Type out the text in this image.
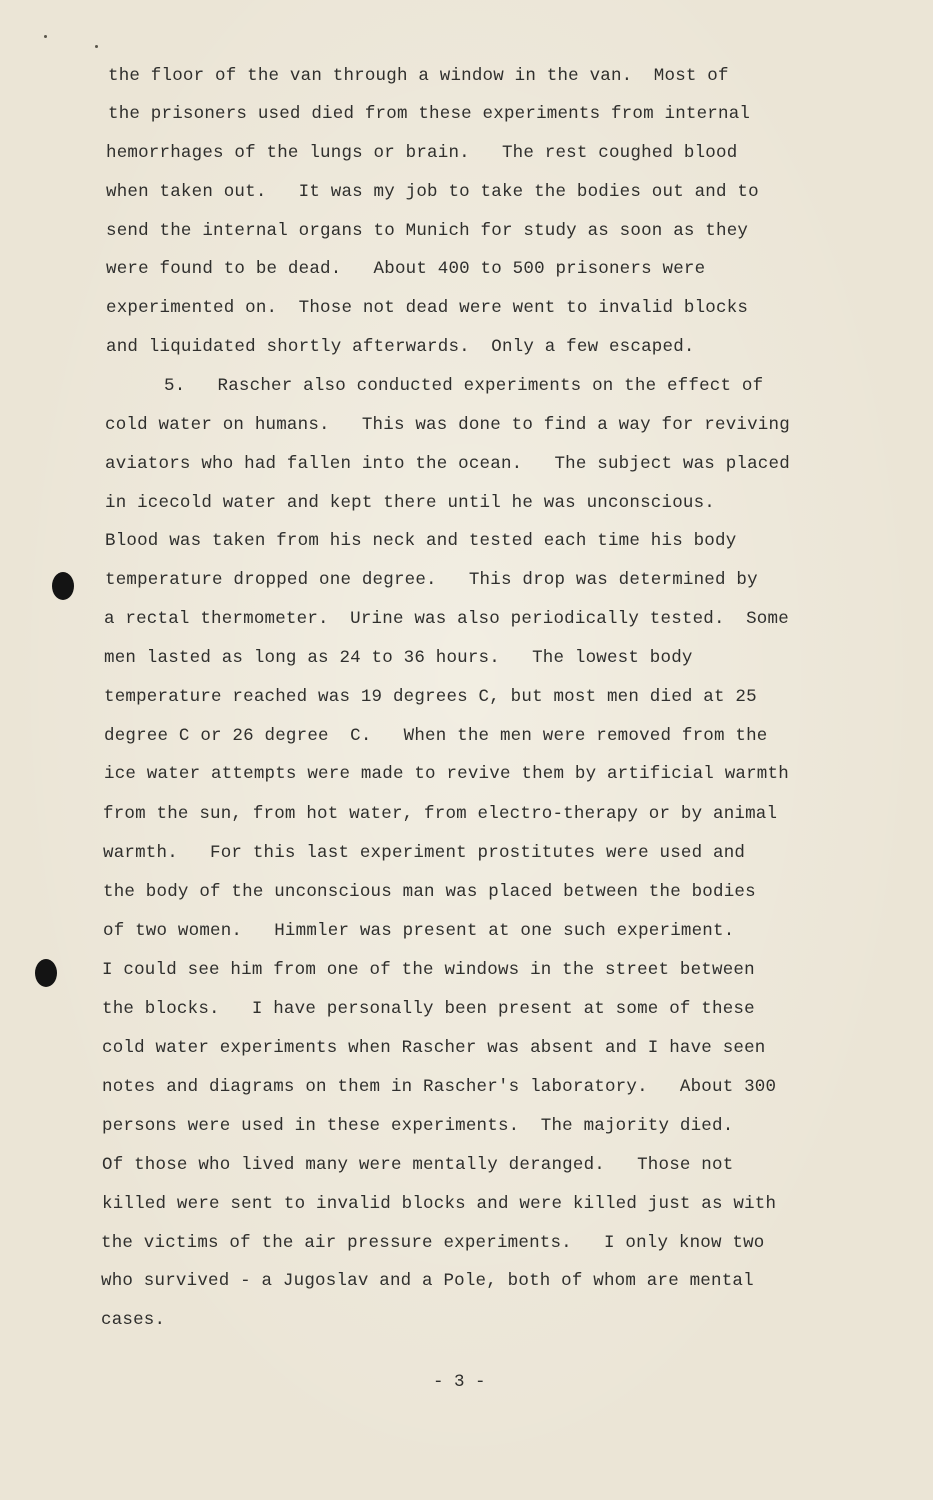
the floor of the van through a window in the van.  Most of
the prisoners used died from these experiments from internal
hemorrhages of the lungs or brain.   The rest coughed blood
when taken out.   It was my job to take the bodies out and to
send the internal organs to Munich for study as soon as they
were found to be dead.   About 400 to 500 prisoners were
experimented on.  Those not dead were went to invalid blocks
and liquidated shortly afterwards.  Only a few escaped.
5.   Rascher also conducted experiments on the effect of
cold water on humans.   This was done to find a way for reviving
aviators who had fallen into the ocean.   The subject was placed
in icecold water and kept there until he was unconscious.
Blood was taken from his neck and tested each time his body
temperature dropped one degree.   This drop was determined by
a rectal thermometer.  Urine was also periodically tested.  Some
men lasted as long as 24 to 36 hours.   The lowest body
temperature reached was 19 degrees C, but most men died at 25
degree C or 26 degree  C.   When the men were removed from the
ice water attempts were made to revive them by artificial warmth
from the sun, from hot water, from electro-therapy or by animal
warmth.   For this last experiment prostitutes were used and
the body of the unconscious man was placed between the bodies
of two women.   Himmler was present at one such experiment.
I could see him from one of the windows in the street between
the blocks.   I have personally been present at some of these
cold water experiments when Rascher was absent and I have seen
notes and diagrams on them in Rascher's laboratory.   About 300
persons were used in these experiments.  The majority died.
Of those who lived many were mentally deranged.   Those not
killed were sent to invalid blocks and were killed just as with
the victims of the air pressure experiments.   I only know two
who survived - a Jugoslav and a Pole, both of whom are mental
cases.
- 3 -
